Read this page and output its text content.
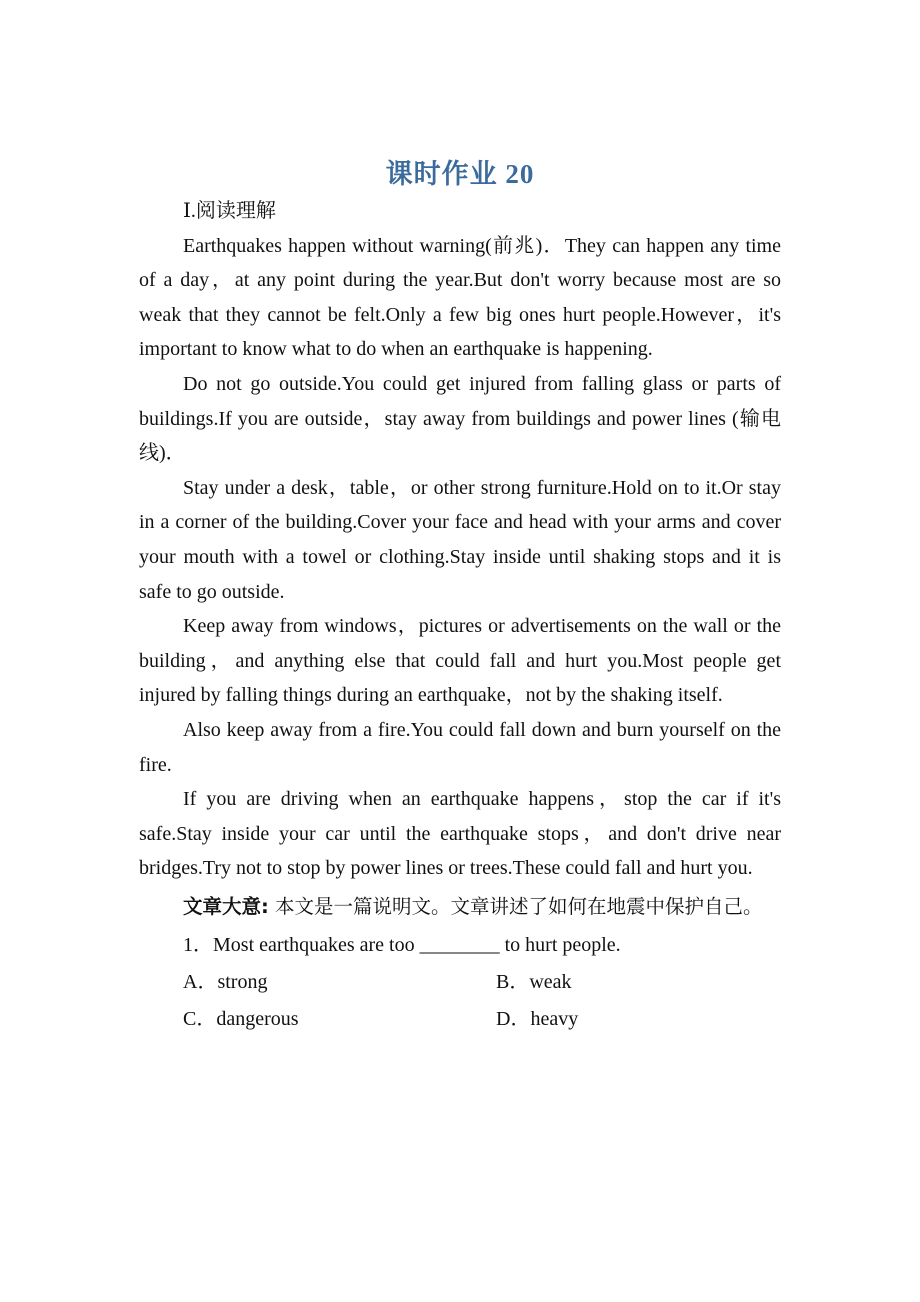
课时作业 20
Ⅰ.阅读理解

Earthquakes happen without warning(前兆)．They can happen any time of a day，at any point during the year.But don't worry because most are so weak that they cannot be felt.Only a few big ones hurt people.However，it's important to know what to do when an earthquake is happening.

Do not go outside.You could get injured from falling glass or parts of buildings.If you are outside，stay away from buildings and power lines (输电线)．

Stay under a desk，table，or other strong furniture.Hold on to it.Or stay in a corner of the building.Cover your face and head with your arms and cover your mouth with a towel or clothing.Stay inside until shaking stops and it is safe to go outside.

Keep away from windows，pictures or advertisements on the wall or the building，and anything else that could fall and hurt you.Most people get injured by falling things during an earthquake，not by the shaking itself.

Also keep away from a fire.You could fall down and burn yourself on the fire.

If you are driving when an earthquake happens，stop the car if it's safe.Stay inside your car until the earthquake stops，and don't drive near bridges.Try not to stop by power lines or trees.These could fall and hurt you.

文章大意: 本文是一篇说明文。文章讲述了如何在地震中保护自己。
1．Most earthquakes are too ________ to hurt people.
A．strong	B．weak
C．dangerous	D．heavy
